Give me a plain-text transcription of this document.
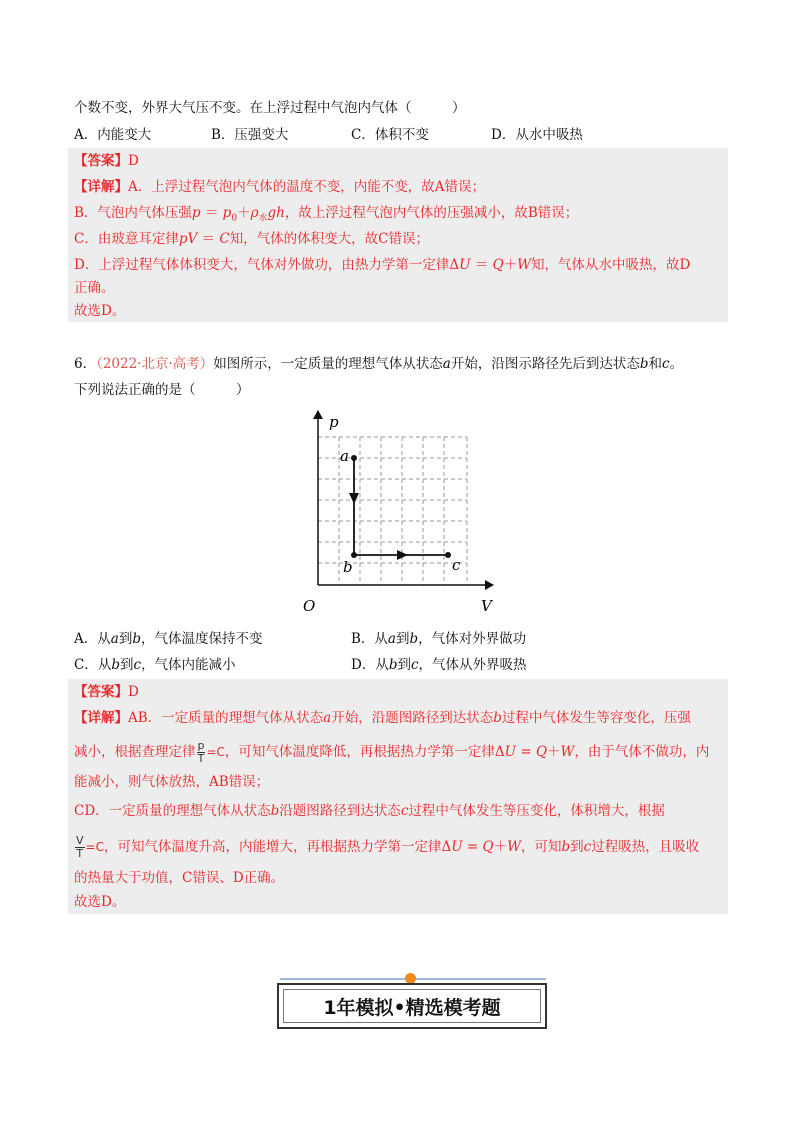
个数不变，外界大气压不变。在上浮过程中气泡内气体（　　　）
A．内能变大	B．压强变大	C．体积不变	D．从水中吸热
【答案】D
【详解】A．上浮过程气泡内气体的温度不变，内能不变，故A错误；
B．气泡内气体压强$p = p_0+\rho_水gh$，故上浮过程气泡内气体的压强减小，故B错误；
C．由玻意耳定律pV ＝ C知，气体的体积变大，故C错误；
D．上浮过程气体体积变大，气体对外做功，由热力学第一定律ΔU ＝ Q＋W知，气体从水中吸热，故D
正确。
故选D。
6．（2022·北京·高考）如图所示，一定质量的理想气体从状态a开始，沿图示路径先后到达状态b和c。
下列说法正确的是（　　　）
p
V
O
a
b	c
A．从a到b，气体温度保持不变	B．从a到b，气体对外界做功
C．从b到c，气体内能减小	D．从b到c，气体从外界吸热
【答案】D
【详解】AB．一定质量的理想气体从状态a开始，沿题图路径到达状态b过程中气体发生等容变化，压强
减小，根据查理定律 $\frac{p}{T} =C$，可知气体温度降低，再根据热力学第一定律ΔU = Q＋W，由于气体不做功，内
能减小，则气体放热，AB错误；
CD．一定质量的理想气体从状态b沿题图路径到达状态c过程中气体发生等压变化，体积增大，根据
$\frac{V}{T} =C$，可知气体温度升高，内能增大，再根据热力学第一定律ΔU = Q＋W，可知b到c过程吸热，且吸收
的热量大于功值，C错误、D正确。
故选D。
1年模拟•精选模考题
